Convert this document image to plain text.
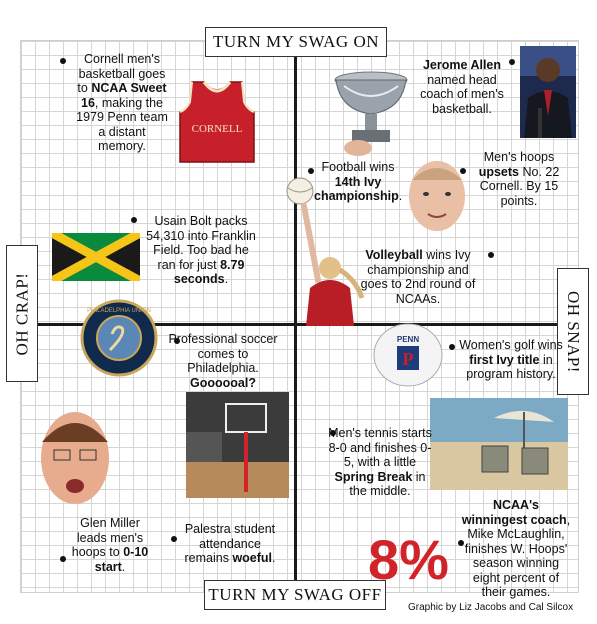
TURN MY SWAG ON
TURN MY SWAG OFF
OH CRAP!	OH SNAP!
CORNELL
PHILADELPHIA UNION
PENN
P
Cornell men's basketball goes to NCAA Sweet 16, making the 1979 Penn team a distant memory.
Jerome Allen named head coach of men's basketball.
Football wins 14th Ivy championship.
Men's hoops upsets No. 22 Cornell. By 15 points.
Usain Bolt packs 54,310 into Franklin Field. Too bad he ran for just 8.79 seconds.
Volleyball wins Ivy championship and goes to 2nd round of NCAAs.
Professional soccer comes to Philadelphia. Goooooal?
Women's golf wins first Ivy title in program history.
Men's tennis starts 8-0 and finishes 0-5, with a little Spring Break in the middle.
Glen Miller leads men's hoops to 0-10 start.
Palestra student attendance remains woeful.
NCAA's winningest coach, Mike McLaughlin, finishes W. Hoops' season winning eight percent of their games.
8%
Graphic by Liz Jacobs and Cal Silcox
